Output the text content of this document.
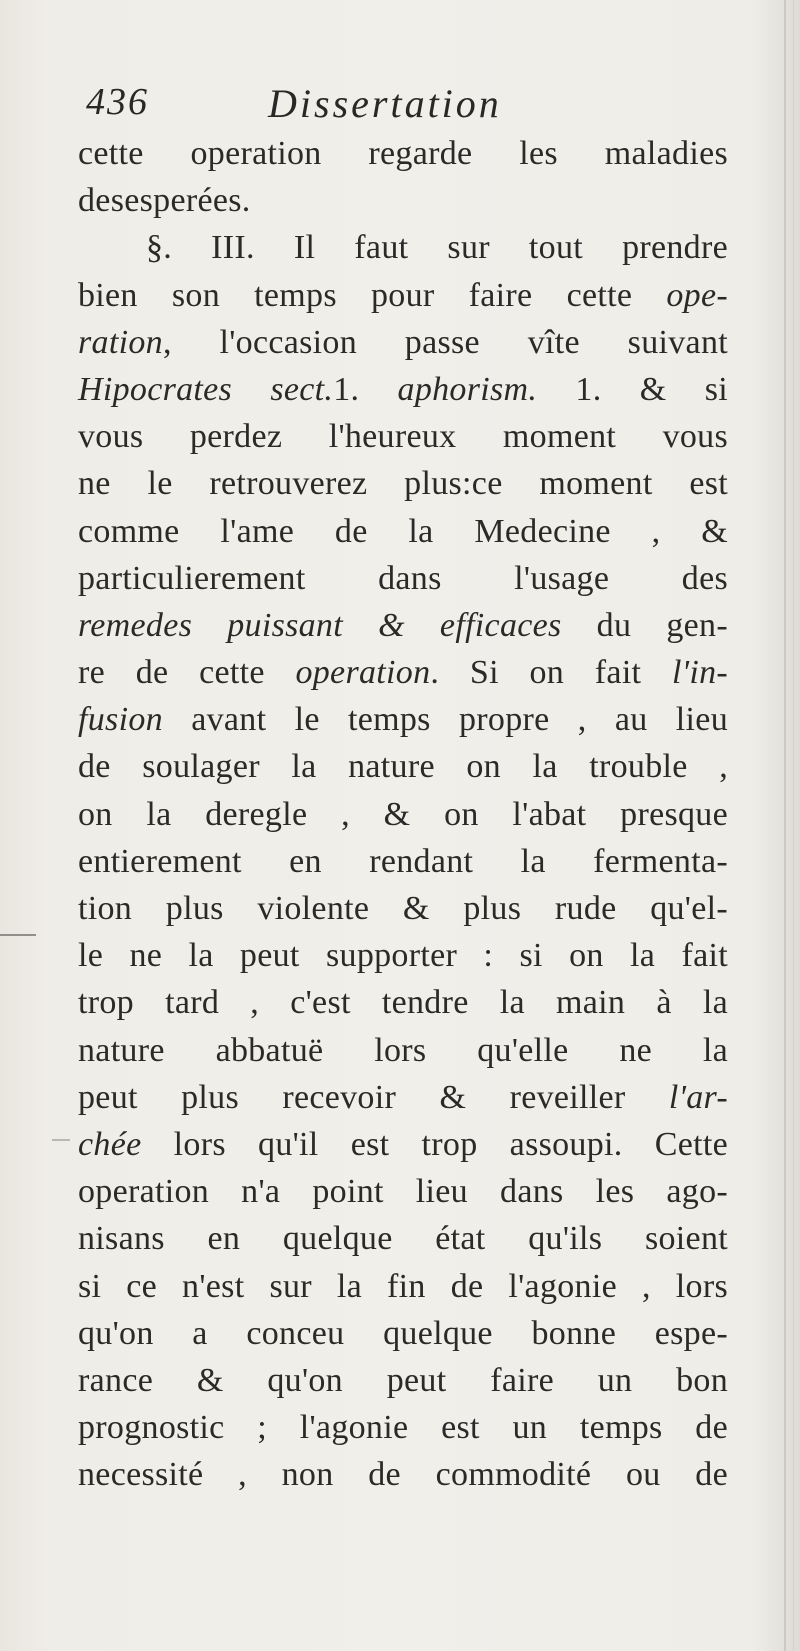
436	Dissertation
cette operation regarde les maladies
desesperées.
§. III. Il faut sur tout prendre
bien son temps pour faire cette ope-
ration, l'occasion passe vîte suivant
Hipocrates sect.1. aphorism. 1. & si
vous perdez l'heureux moment vous
ne le retrouverez plus:ce moment est
comme l'ame de la Medecine , &
particulierement dans l'usage des
remedes puissant & efficaces du gen-
re de cette operation. Si on fait l'in-
fusion avant le temps propre , au lieu
de soulager la nature on la trouble ,
on la deregle , & on l'abat presque
entierement en rendant la fermenta-
tion plus violente & plus rude qu'el-
le ne la peut supporter : si on la fait
trop tard , c'est tendre la main à la
nature abbatuë lors qu'elle ne la
peut plus recevoir & reveiller l'ar-
chée lors qu'il est trop assoupi. Cette
operation n'a point lieu dans les ago-
nisans en quelque état qu'ils soient
si ce n'est sur la fin de l'agonie , lors
qu'on a conceu quelque bonne espe-
rance & qu'on peut faire un bon
prognostic ; l'agonie est un temps de
necessité , non de commodité ou de
